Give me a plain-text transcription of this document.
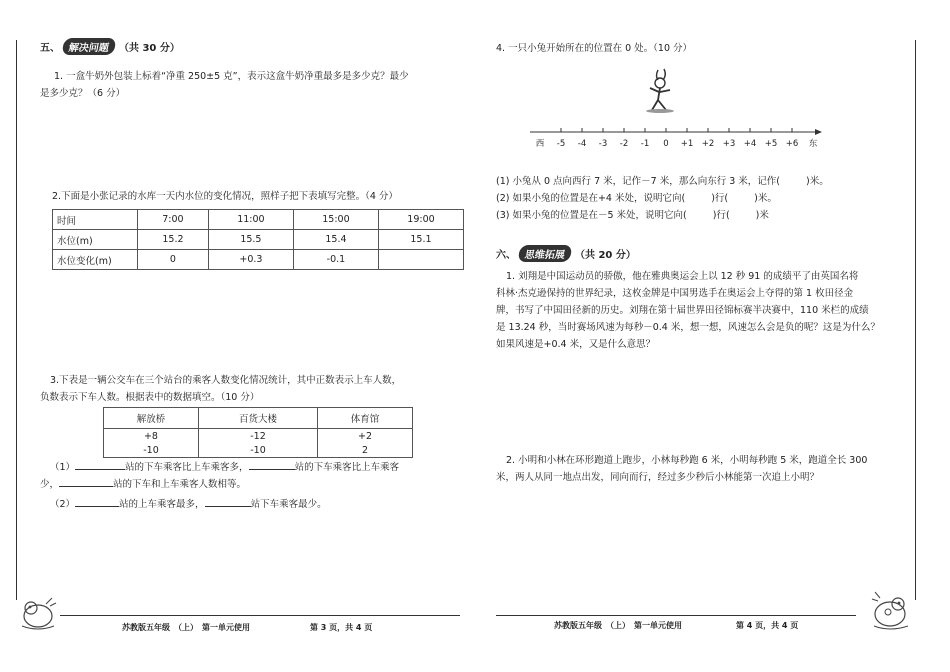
五、 解决问题 （共 30 分）
1. 一盒牛奶外包装上标着“净重 250±5 克”，表示这盒牛奶净重最多是多少克？最少
是多少克？（6 分）
2.下面是小张记录的水库一天内水位的变化情况，照样子把下表填写完整。（4 分）
时间	7:00	11:00	15:00	19:00
水位(m)	15.2	15.5	15.4	15.1
水位变化(m)	0	+0.3	-0.1	
3.下表是一辆公交车在三个站台的乘客人数变化情况统计，其中正数表示上车人数，
负数表示下车人数。根据表中的数据填空。（10 分）
解放桥	百货大楼	体育馆
+8	-12	+2
-10	-10	2
（1）	站的下车乘客比上车乘客多，	站的下车乘客比上车乘客
少，	站的下车和上车乘客人数相等。
（2）	站的上车乘客最多，	站下车乘客最少。
苏教版五年级　（上）　第一单元使用	第 3 页，共 4 页
4. 一只小兔开始所在的位置在 0 处。（10 分）
西 -5 -4 -3 -2 -1 0 +1 +2 +3 +4 +5 +6 东
(1) 小兔从 0 点向西行 7 米，记作－7 米，那么向东行 3 米，记作(	)米。
(2) 如果小兔的位置是在+4 米处，说明它向(	)行(	)米。
(3) 如果小兔的位置是在－5 米处，说明它向(	)行(	)米
六、 思维拓展 （共 20 分）
1. 刘翔是中国运动员的骄傲，他在雅典奥运会上以 12 秒 91 的成绩平了由英国名将
科林·杰克逊保持的世界纪录，这枚金牌是中国男选手在奥运会上夺得的第 1 枚田径金
牌，书写了中国田径新的历史。刘翔在第十届世界田径锦标赛半决赛中，110 米栏的成绩
是 13.24 秒，当时赛场风速为每秒－0.4 米，想一想，风速怎么会是负的呢？这是为什么？
如果风速是+0.4 米，又是什么意思？
2. 小明和小林在环形跑道上跑步，小林每秒跑 6 米，小明每秒跑 5 米，跑道全长 300
米，两人从同一地点出发，同向而行，经过多少秒后小林能第一次追上小明？
苏教版五年级　（上）　第一单元使用	第 4 页，共 4 页
